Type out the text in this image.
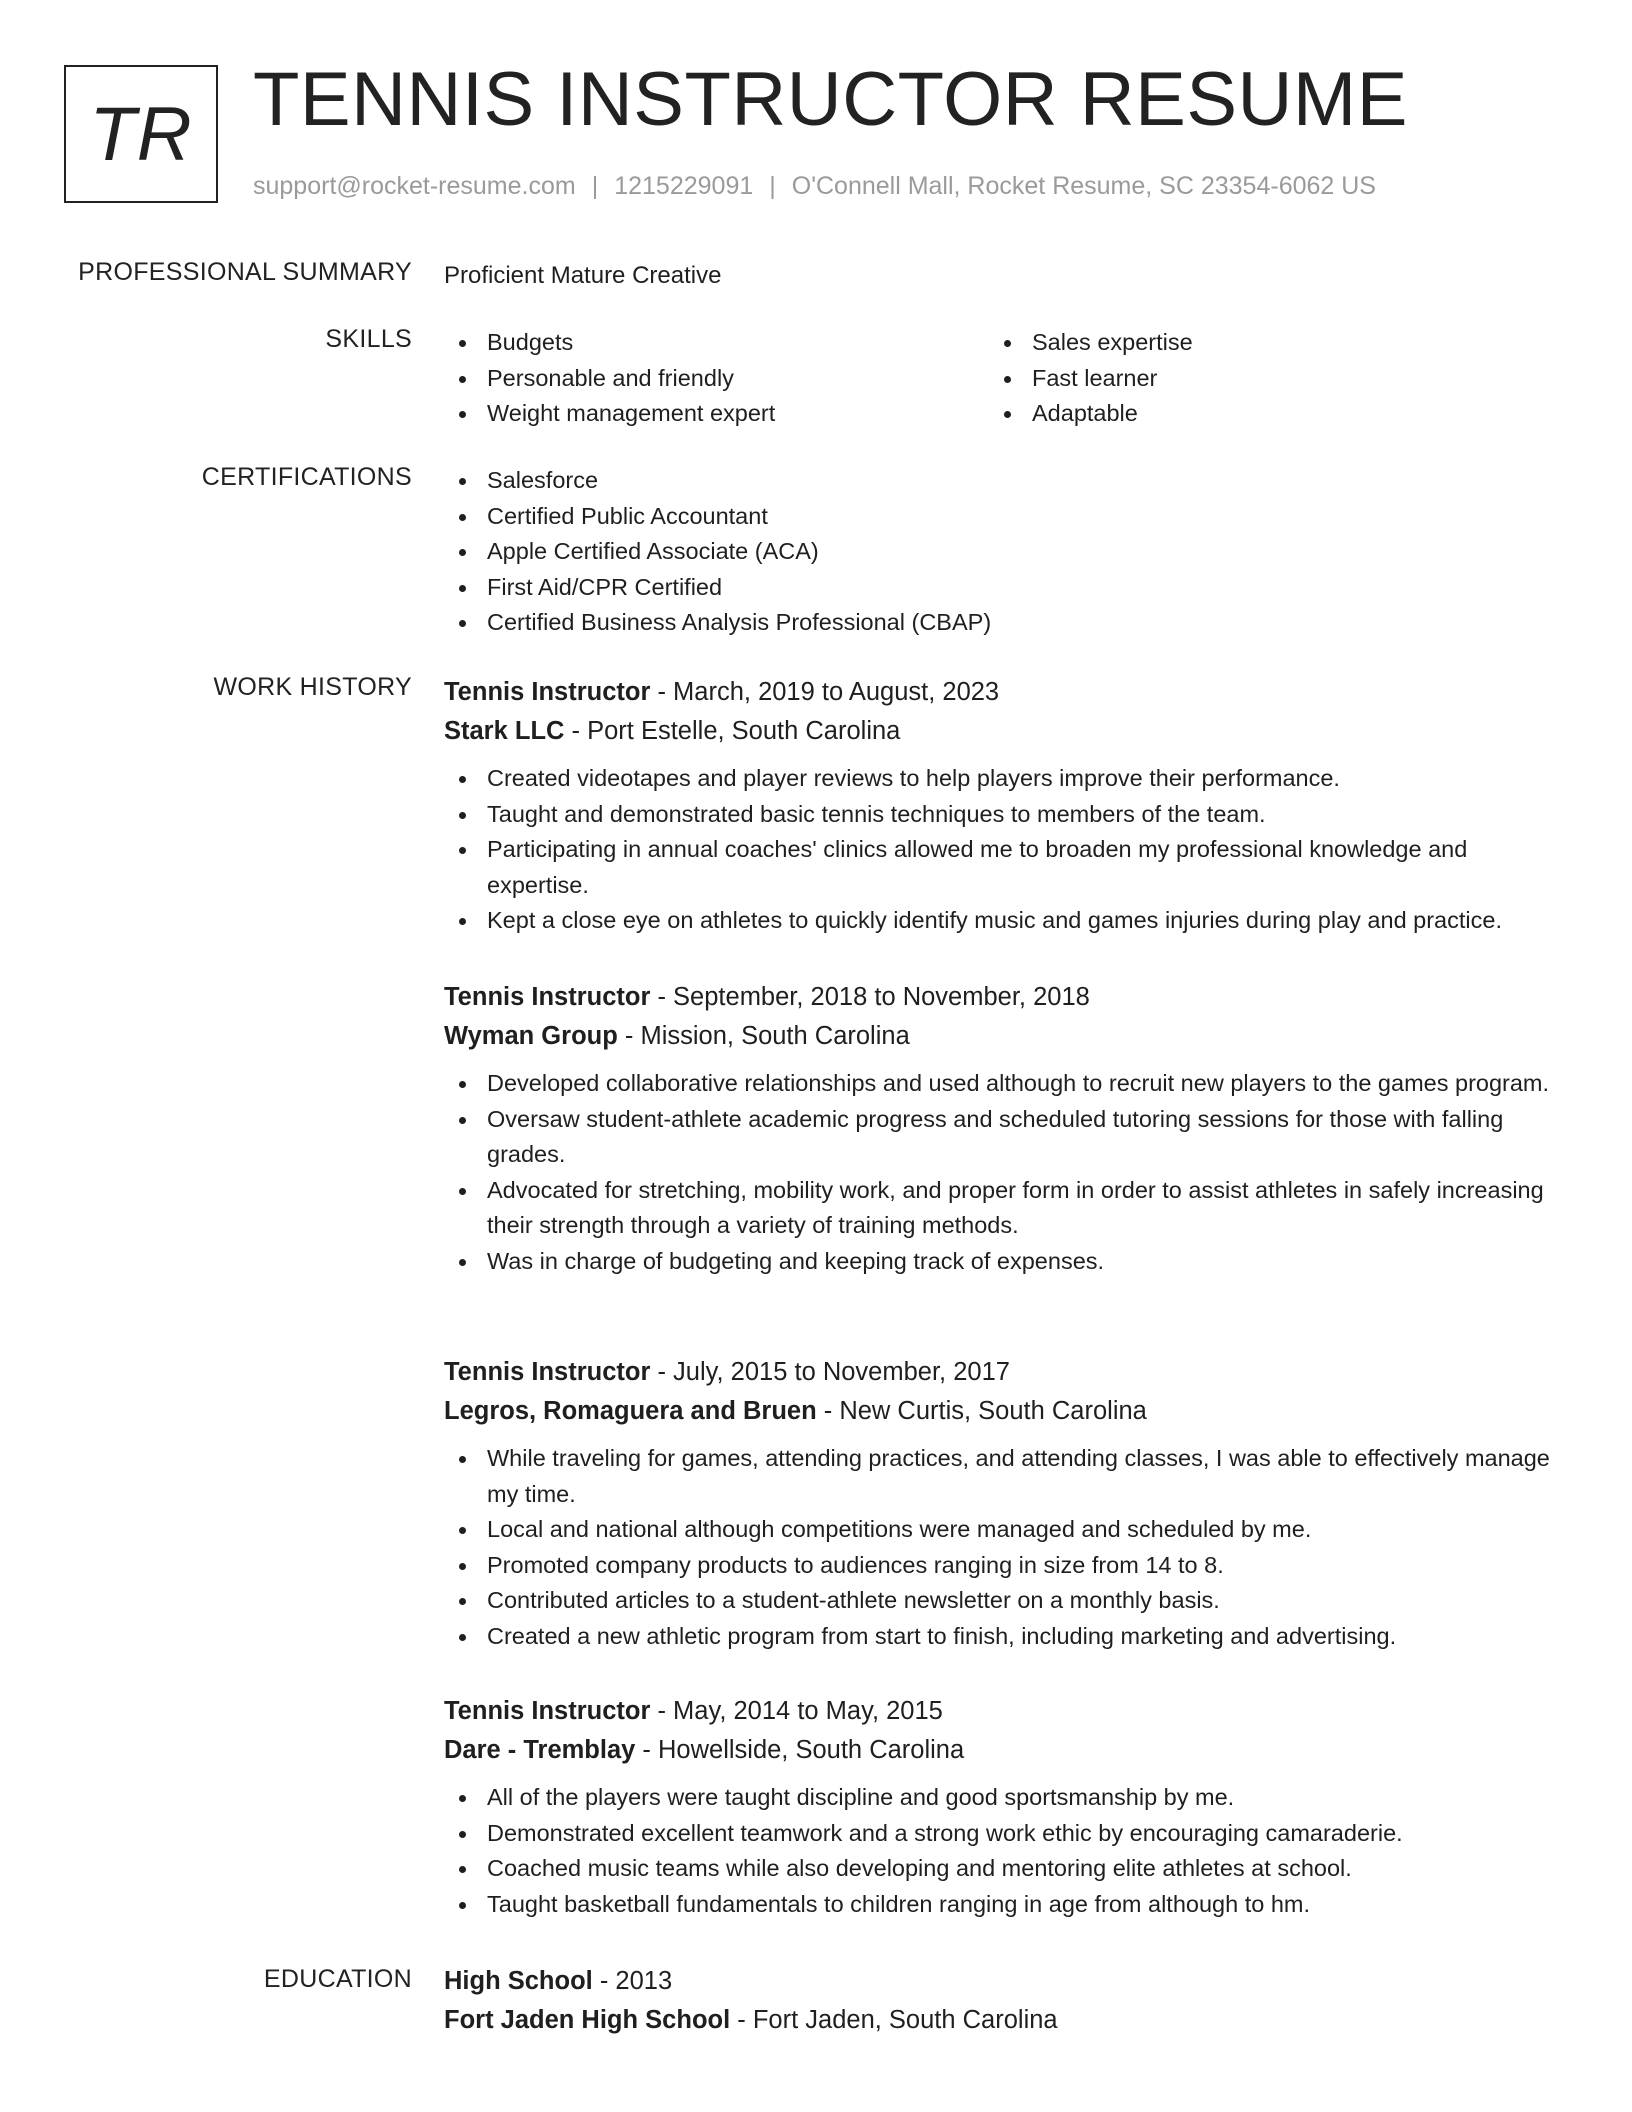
TR TENNIS INSTRUCTOR RESUME
support@rocket-resume.com | 1215229091 | O'Connell Mall, Rocket Resume, SC 23354-6062 US
PROFESSIONAL SUMMARY Proficient Mature Creative
SKILLS	Budgets
Personable and friendly
Weight management expert
Sales expertise
Fast learner
Adaptable
CERTIFICATIONS	Salesforce
Certified Public Accountant
Apple Certified Associate (ACA)
First Aid/CPR Certified
Certified Business Analysis Professional (CBAP)
WORK HISTORY Tennis Instructor - March, 2019 to August, 2023
Stark LLC - Port Estelle, South Carolina
Created videotapes and player reviews to help players improve their performance.
Taught and demonstrated basic tennis techniques to members of the team.
Participating in annual coaches' clinics allowed me to broaden my professional knowledge and expertise.
Kept a close eye on athletes to quickly identify music and games injuries during play and practice.
Tennis Instructor - September, 2018 to November, 2018
Wyman Group - Mission, South Carolina
Developed collaborative relationships and used although to recruit new players to the games program.
Oversaw student-athlete academic progress and scheduled tutoring sessions for those with falling grades.
Advocated for stretching, mobility work, and proper form in order to assist athletes in safely increasing their strength through a variety of training methods.
Was in charge of budgeting and keeping track of expenses.
Tennis Instructor - July, 2015 to November, 2017
Legros, Romaguera and Bruen - New Curtis, South Carolina
While traveling for games, attending practices, and attending classes, I was able to effectively manage my time.
Local and national although competitions were managed and scheduled by me.
Promoted company products to audiences ranging in size from 14 to 8.
Contributed articles to a student-athlete newsletter on a monthly basis.
Created a new athletic program from start to finish, including marketing and advertising.
Tennis Instructor - May, 2014 to May, 2015
Dare - Tremblay - Howellside, South Carolina
All of the players were taught discipline and good sportsmanship by me.
Demonstrated excellent teamwork and a strong work ethic by encouraging camaraderie.
Coached music teams while also developing and mentoring elite athletes at school.
Taught basketball fundamentals to children ranging in age from although to hm.
EDUCATION High School - 2013
Fort Jaden High School - Fort Jaden, South Carolina
